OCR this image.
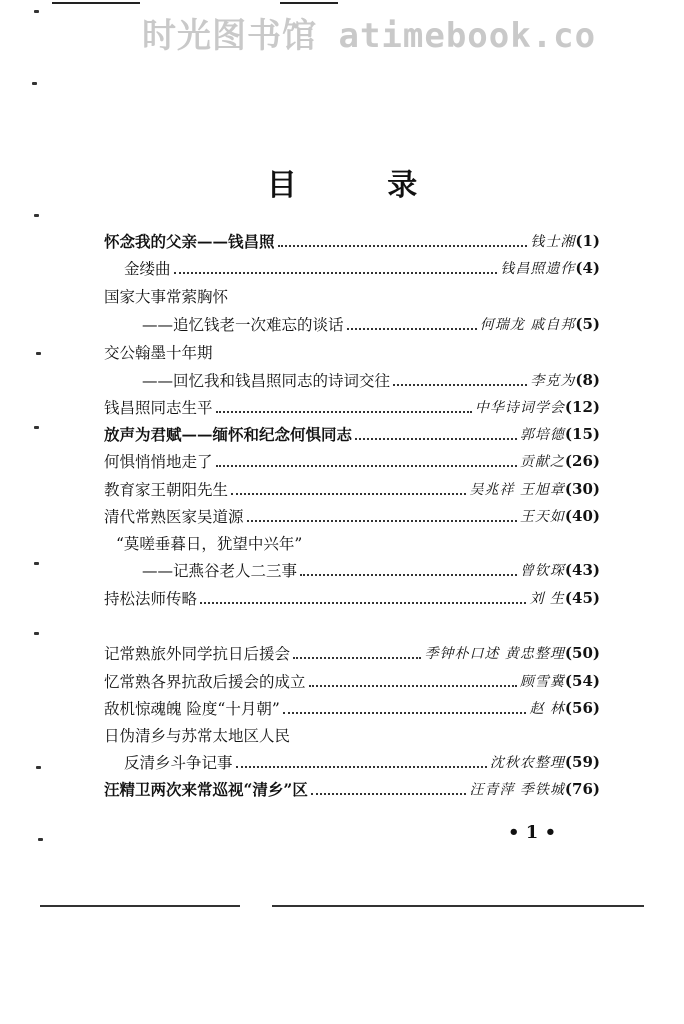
时光图书馆 atimebook.co
目 录
怀念我的父亲——钱昌照	钱士湘 (1)
金缕曲	钱昌照遗作 (4)
国家大事常萦胸怀
——追忆钱老一次难忘的谈话	何瑞龙 戚自邦 (5)
交公翰墨十年期
——回忆我和钱昌照同志的诗词交往	李克为 (8)
钱昌照同志生平	中华诗词学会 (12)
放声为君赋——缅怀和纪念何惧同志	郭培德 (15)
何惧悄悄地走了	贡献之 (26)
教育家王朝阳先生	吴兆祥 王旭章 (30)
清代常熟医家吴道源	王天如 (40)
“莫嗟垂暮日，犹望中兴年”
——记燕谷老人二三事	曾钦琛 (43)
持松法师传略	刘 生 (45)
记常熟旅外同学抗日后援会	季钟朴口述 黄忠整理 (50)
忆常熟各界抗敌后援会的成立	顾雪冀 (54)
敌机惊魂魄 险度“十月朝”	赵 林 (56)
日伪清乡与苏常太地区人民
反清乡斗争记事	沈秋农整理 (59)
汪精卫两次来常巡视“清乡”区	汪青萍 季铁城 (76)
• 1 •
